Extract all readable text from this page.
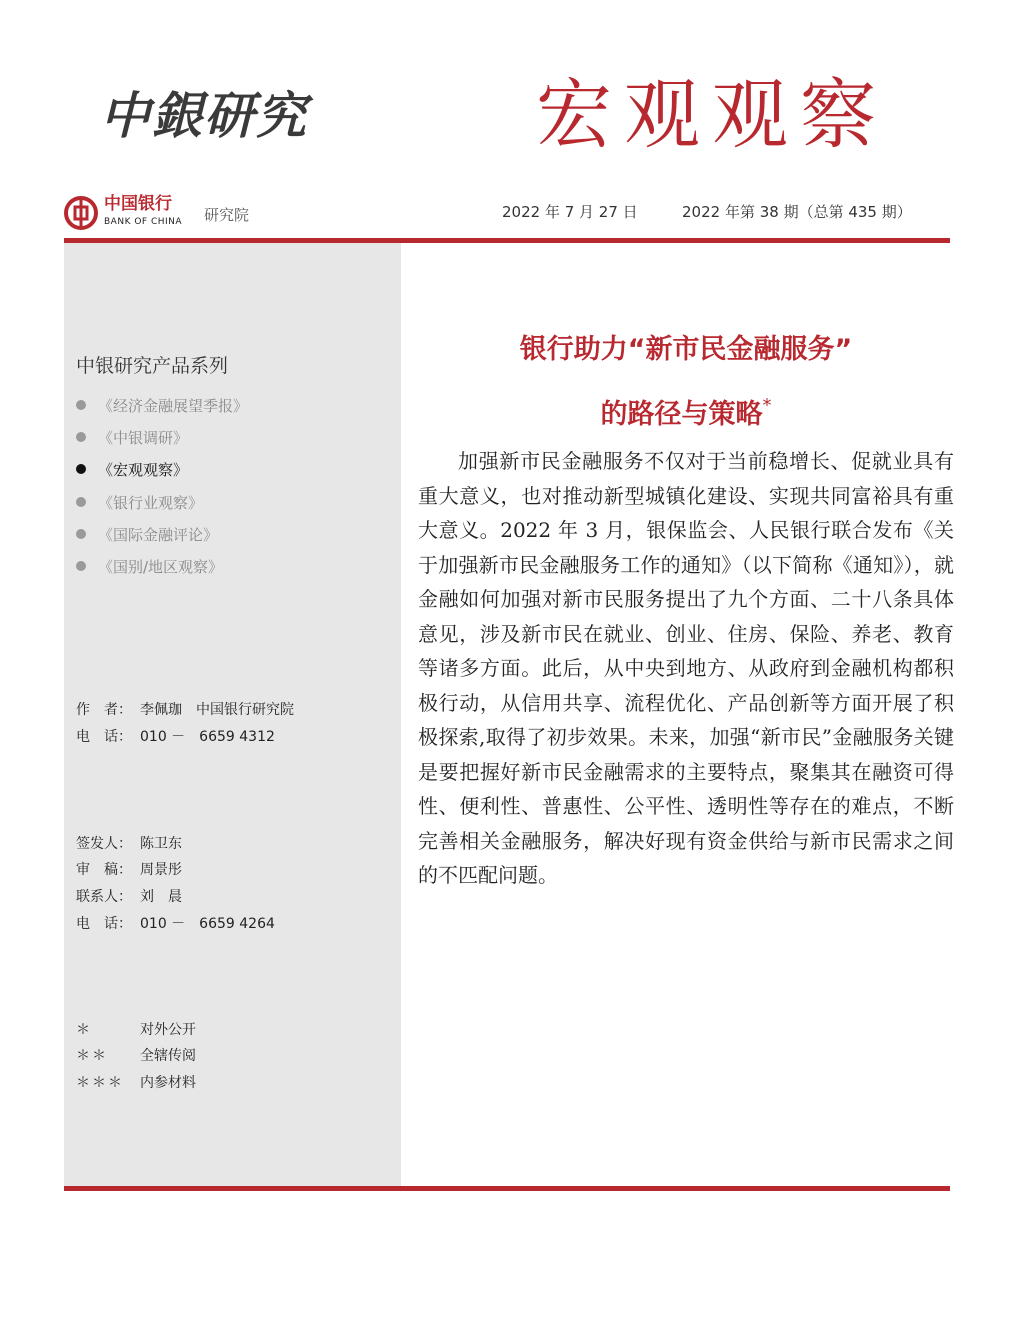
中銀研究	宏观观察
中国银行
BANK OF CHINA 研究院	2022 年 7 月 27 日	2022 年第 38 期（总第 435 期）
中银研究产品系列
《经济金融展望季报》
《中银调研》
《宏观观察》
《银行业观察》
《国际金融评论》
《国别/地区观察》
作　者： 李佩珈　中国银行研究院
电　话： 010 －　6659 4312
签发人： 陈卫东
审　稿： 周景彤
联系人： 刘　晨
电　话： 010 －　6659 4264
＊	对外公开
＊＊ 全辖传阅
＊＊＊ 内参材料
银行助力“新市民金融服务”
的路径与策略*

加强新市民金融服务不仅对于当前稳增长、促就业具有重大意义，也对推动新型城镇化建设、实现共同富裕具有重大意义。2022 年 3 月，银保监会、人民银行联合发布《关于加强新市民金融服务工作的通知》（以下简称《通知》），就金融如何加强对新市民服务提出了九个方面、二十八条具体意见，涉及新市民在就业、创业、住房、保险、养老、教育等诸多方面。此后，从中央到地方、从政府到金融机构都积极行动，从信用共享、流程优化、产品创新等方面开展了积极探索,取得了初步效果。未来，加强“新市民”金融服务关键是要把握好新市民金融需求的主要特点，聚集其在融资可得性、便利性、普惠性、公平性、透明性等存在的难点，不断完善相关金融服务，解决好现有资金供给与新市民需求之间的不匹配问题。
